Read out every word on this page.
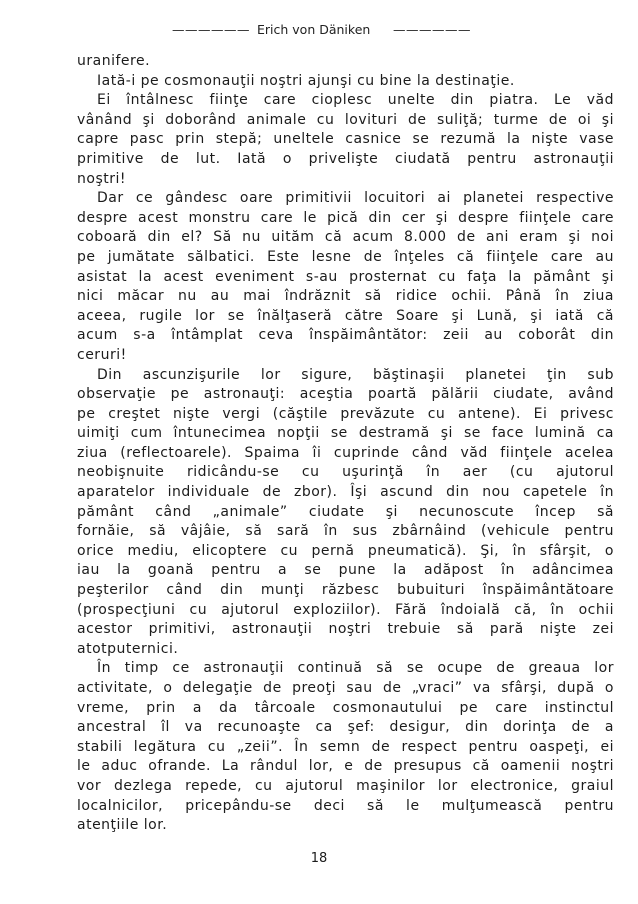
—————— Erich von Däniken ——————
uranifere.
Iată-i pe cosmonauţii noştri ajunşi cu bine la destinaţie.
Ei întâlnesc fiinţe care cioplesc unelte din piatra. Le văd
vânând şi doborând animale cu lovituri de suliţă; turme de oi şi
capre pasc prin stepă; uneltele casnice se rezumă la nişte vase
primitive de lut. Iată o privelişte ciudată pentru astronauţii
noştri!
Dar ce gândesc oare primitivii locuitori ai planetei respective
despre acest monstru care le pică din cer şi despre fiinţele care
coboară din el? Să nu uităm că acum 8.000 de ani eram şi noi
pe jumătate sălbatici. Este lesne de înţeles că fiinţele care au
asistat la acest eveniment s-au prosternat cu faţa la pământ şi
nici măcar nu au mai îndrăznit să ridice ochii. Până în ziua
aceea, rugile lor se înălţaseră către Soare şi Lună, şi iată că
acum s-a întâmplat ceva înspăimântător: zeii au coborât din
ceruri!
Din ascunzişurile lor sigure, băştinaşii planetei ţin sub
observaţie pe astronauţi: aceştia poartă pălării ciudate, având
pe creştet nişte vergi (căştile prevăzute cu antene). Ei privesc
uimiţi cum întunecimea nopţii se destramă şi se face lumină ca
ziua (reflectoarele). Spaima îi cuprinde când văd fiinţele acelea
neobişnuite ridicându-se cu uşurinţă în aer (cu ajutorul
aparatelor individuale de zbor). Îşi ascund din nou capetele în
pământ când „animale” ciudate şi necunoscute încep să
fornăie, să vâjâie, să sară în sus zbârnâind (vehicule pentru
orice mediu, elicoptere cu pernă pneumatică). Şi, în sfârşit, o
iau la goană pentru a se pune la adăpost în adâncimea
peşterilor când din munţi răzbesc bubuituri înspăimântătoare
(prospecţiuni cu ajutorul exploziilor). Fără îndoială că, în ochii
acestor primitivi, astronauţii noştri trebuie să pară nişte zei
atotputernici.
În timp ce astronauţii continuă să se ocupe de greaua lor
activitate, o delegaţie de preoţi sau de „vraci” va sfârşi, după o
vreme, prin a da târcoale cosmonautului pe care instinctul
ancestral îl va recunoaşte ca şef: desigur, din dorinţa de a
stabili legătura cu „zeii”. În semn de respect pentru oaspeţi, ei
le aduc ofrande. La rândul lor, e de presupus că oamenii noştri
vor dezlega repede, cu ajutorul maşinilor lor electronice, graiul
localnicilor, pricepându-se deci să le mulţumească pentru
atenţiile lor.
18
